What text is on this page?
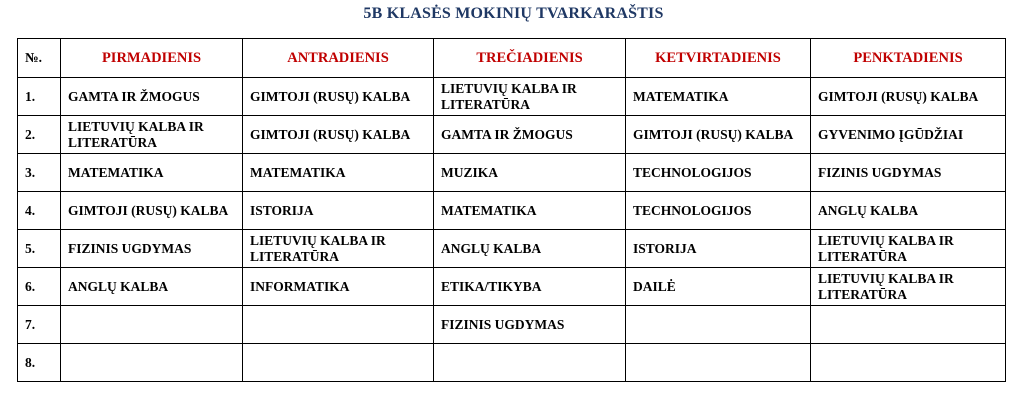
5B KLASĖS MOKINIŲ TVARKARAŠTIS
№.	PIRMADIENIS	ANTRADIENIS	TREČIADIENIS	KETVIRTADIENIS	PENKTADIENIS
1.	GAMTA IR ŽMOGUS	GIMTOJI (RUSŲ) KALBA	LIETUVIŲ KALBA IR LITERATŪRA	MATEMATIKA	GIMTOJI (RUSŲ) KALBA
2.	LIETUVIŲ KALBA IR LITERATŪRA	GIMTOJI (RUSŲ) KALBA	GAMTA IR ŽMOGUS	GIMTOJI (RUSŲ) KALBA	GYVENIMO ĮGŪDŽIAI
3.	MATEMATIKA	MATEMATIKA	MUZIKA	TECHNOLOGIJOS	FIZINIS UGDYMAS
4.	GIMTOJI (RUSŲ) KALBA	ISTORIJA	MATEMATIKA	TECHNOLOGIJOS	ANGLŲ KALBA
5.	FIZINIS UGDYMAS	LIETUVIŲ KALBA IR LITERATŪRA	ANGLŲ KALBA	ISTORIJA	LIETUVIŲ KALBA IR LITERATŪRA
6.	ANGLŲ KALBA	INFORMATIKA	ETIKA/TIKYBA	DAILĖ	LIETUVIŲ KALBA IR LITERATŪRA
7.			FIZINIS UGDYMAS		
8.					
